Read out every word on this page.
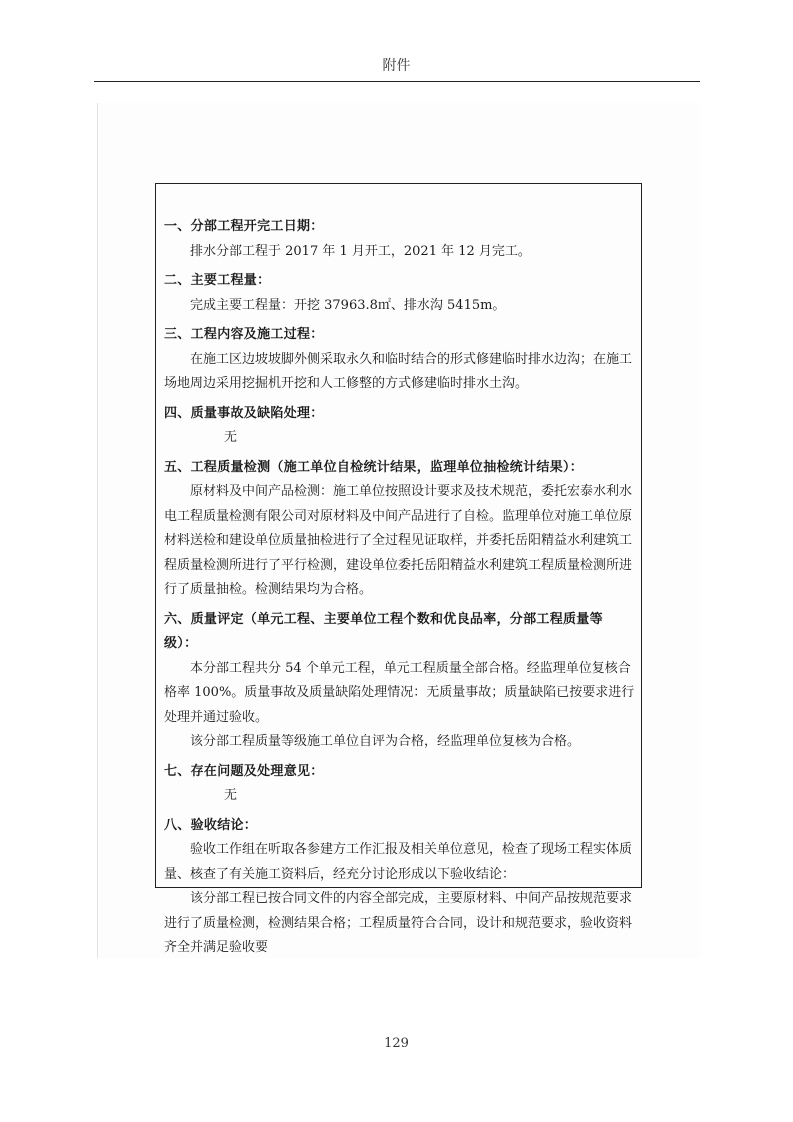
附件
一、分部工程开完工日期：

排水分部工程于 2017 年 1 月开工，2021 年 12 月完工。

二、主要工程量：

完成主要工程量：开挖 37963.8㎡、排水沟 5415m。

三、工程内容及施工过程：

在施工区边坡坡脚外侧采取永久和临时结合的形式修建临时排水边沟；在施工场地周边采用挖掘机开挖和人工修整的方式修建临时排水土沟。

四、质量事故及缺陷处理：

无

五、工程质量检测（施工单位自检统计结果，监理单位抽检统计结果）：

原材料及中间产品检测：施工单位按照设计要求及技术规范，委托宏泰水利水电工程质量检测有限公司对原材料及中间产品进行了自检。监理单位对施工单位原材料送检和建设单位质量抽检进行了全过程见证取样，并委托岳阳精益水利建筑工程质量检测所进行了平行检测，建设单位委托岳阳精益水利建筑工程质量检测所进行了质量抽检。检测结果均为合格。

六、质量评定（单元工程、主要单位工程个数和优良品率，分部工程质量等级）：

本分部工程共分 54 个单元工程，单元工程质量全部合格。经监理单位复核合格率 100%。质量事故及质量缺陷处理情况：无质量事故；质量缺陷已按要求进行处理并通过验收。

该分部工程质量等级施工单位自评为合格，经监理单位复核为合格。

七、存在问题及处理意见：

无

八、验收结论：

验收工作组在听取各参建方工作汇报及相关单位意见，检查了现场工程实体质量、核查了有关施工资料后，经充分讨论形成以下验收结论：

该分部工程已按合同文件的内容全部完成，主要原材料、中间产品按规范要求进行了质量检测，检测结果合格；工程质量符合合同，设计和规范要求，验收资料齐全并满足验收要

129
